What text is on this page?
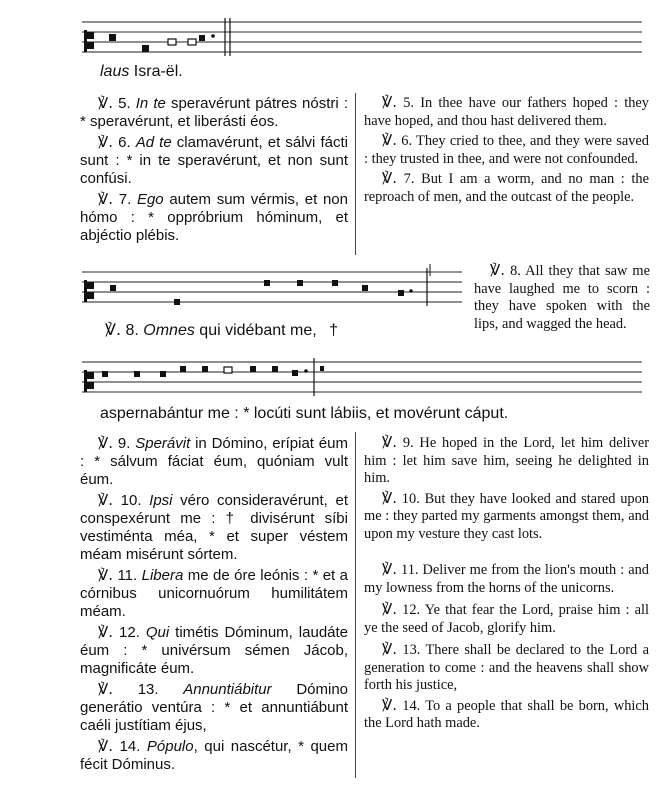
laus Isra-ël.

℣. 5. In te speravérunt pátres nóstri : * speravérunt, et liberásti éos.

℣. 6. Ad te clamavérunt, et sálvi fácti sunt : * in te speravérunt, et non sunt confúsi.

℣. 7. Ego autem sum vérmis, et non hómo : * oppróbrium hóminum, et abjéctio plébis.

℣. 5. In thee have our fathers hoped : they have hoped, and thou hast delivered them.

℣. 6. They cried to thee, and they were saved : they trusted in thee, and were not confounded.

℣. 7. But I am a worm, and no man : the reproach of men, and the outcast of the people.

℣. 8. Omnes qui vidébant me, †

℣. 8. All they that saw me have laughed me to scorn : they have spoken with the lips, and wagged the head.

aspernabántur me : * locúti sunt lábiis, et movérunt cáput.

℣. 9. Sperávit in Dómino, erípiat éum : * sálvum fáciat éum, quóniam vult éum.

℣. 10. Ipsi véro consideravérunt, et conspexérunt me : † divisérunt síbi vestiménta méa, * et super véstem méam misérunt sórtem.

℣. 11. Libera me de óre leónis : * et a córnibus unicornuórum humilitátem méam.

℣. 12. Qui timétis Dóminum, laudáte éum : * univérsum sémen Jácob, magnificáte éum.

℣. 13. Annuntiábitur Dómino generátio ventúra : * et annuntiábunt caéli justítiam éjus,

℣. 14. Pópulo, qui nascétur, * quem fécit Dóminus.

℣. 9. He hoped in the Lord, let him deliver him : let him save him, seeing he delighted in him.

℣. 10. But they have looked and stared upon me : they parted my garments amongst them, and upon my vesture they cast lots.

℣. 11. Deliver me from the lion's mouth : and my lowness from the horns of the unicorns.

℣. 12. Ye that fear the Lord, praise him : all ye the seed of Jacob, glorify him.

℣. 13. There shall be declared to the Lord a generation to come : and the heavens shall show forth his justice,

℣. 14. To a people that shall be born, which the Lord hath made.
